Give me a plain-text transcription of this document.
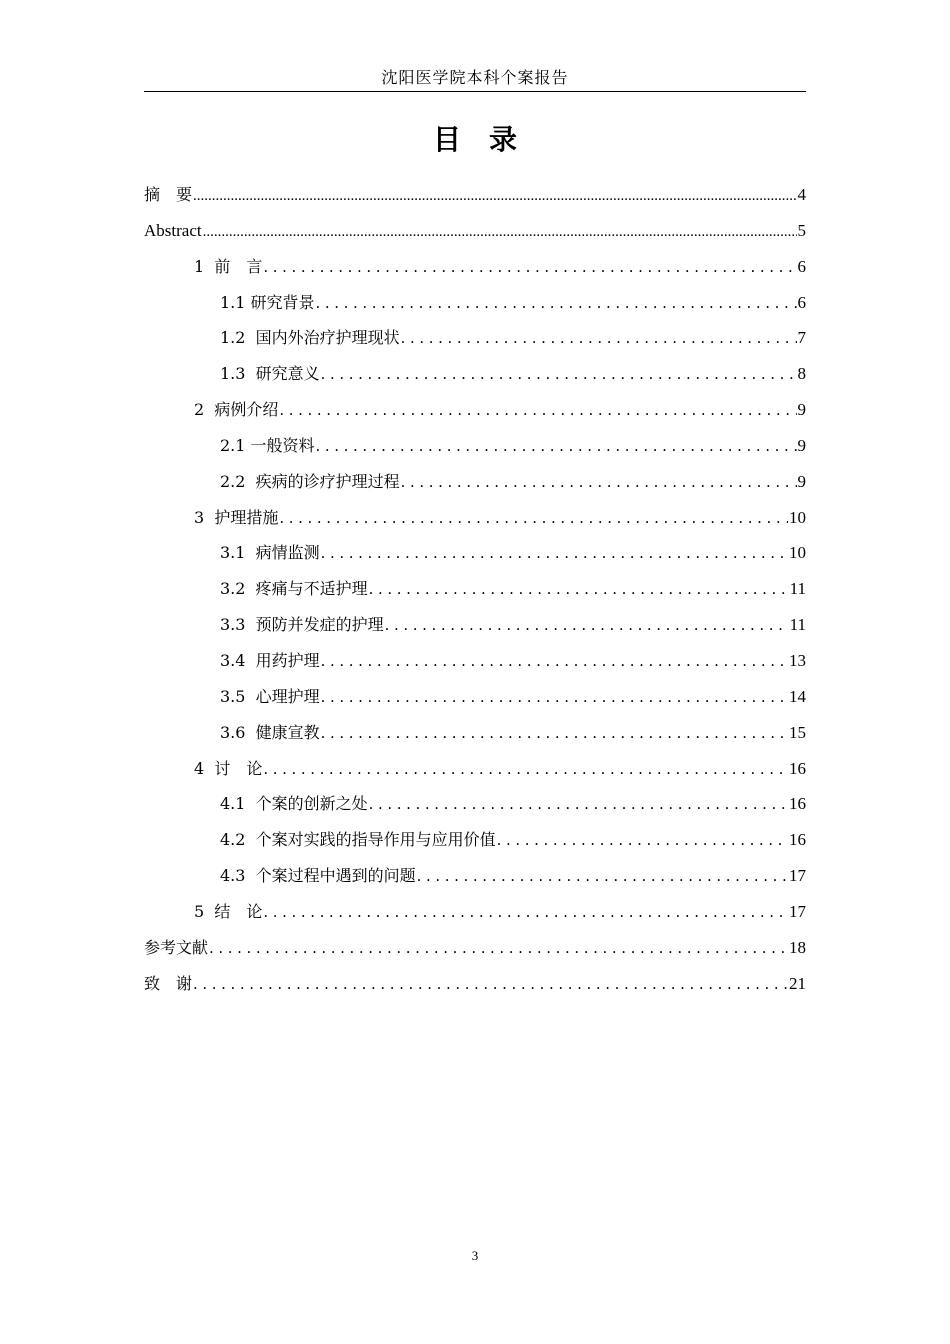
沈阳医学院本科个案报告
目录
摘　要 .....	4
Abstract .....	5
1  前　言 .....	6
1.1 研究背景 .....	6
1.2  国内外治疗护理现状 .....	7
1.3  研究意义 .....	8
2  病例介绍 .....	9
2.1 一般资料 .....	9
2.2  疾病的诊疗护理过程 .....	9
3  护理措施 .....	10
3.1  病情监测 .....	10
3.2  疼痛与不适护理 .....	11
3.3  预防并发症的护理 .....	11
3.4  用药护理 .....	13
3.5  心理护理 .....	14
3.6  健康宣教 .....	15
4  讨　论 .....	16
4.1  个案的创新之处 .....	16
4.2  个案对实践的指导作用与应用价值 .....	16
4.3  个案过程中遇到的问题 .....	17
5  结　论 .....	17
参考文献 .....	18
致　谢 .....	21
3
